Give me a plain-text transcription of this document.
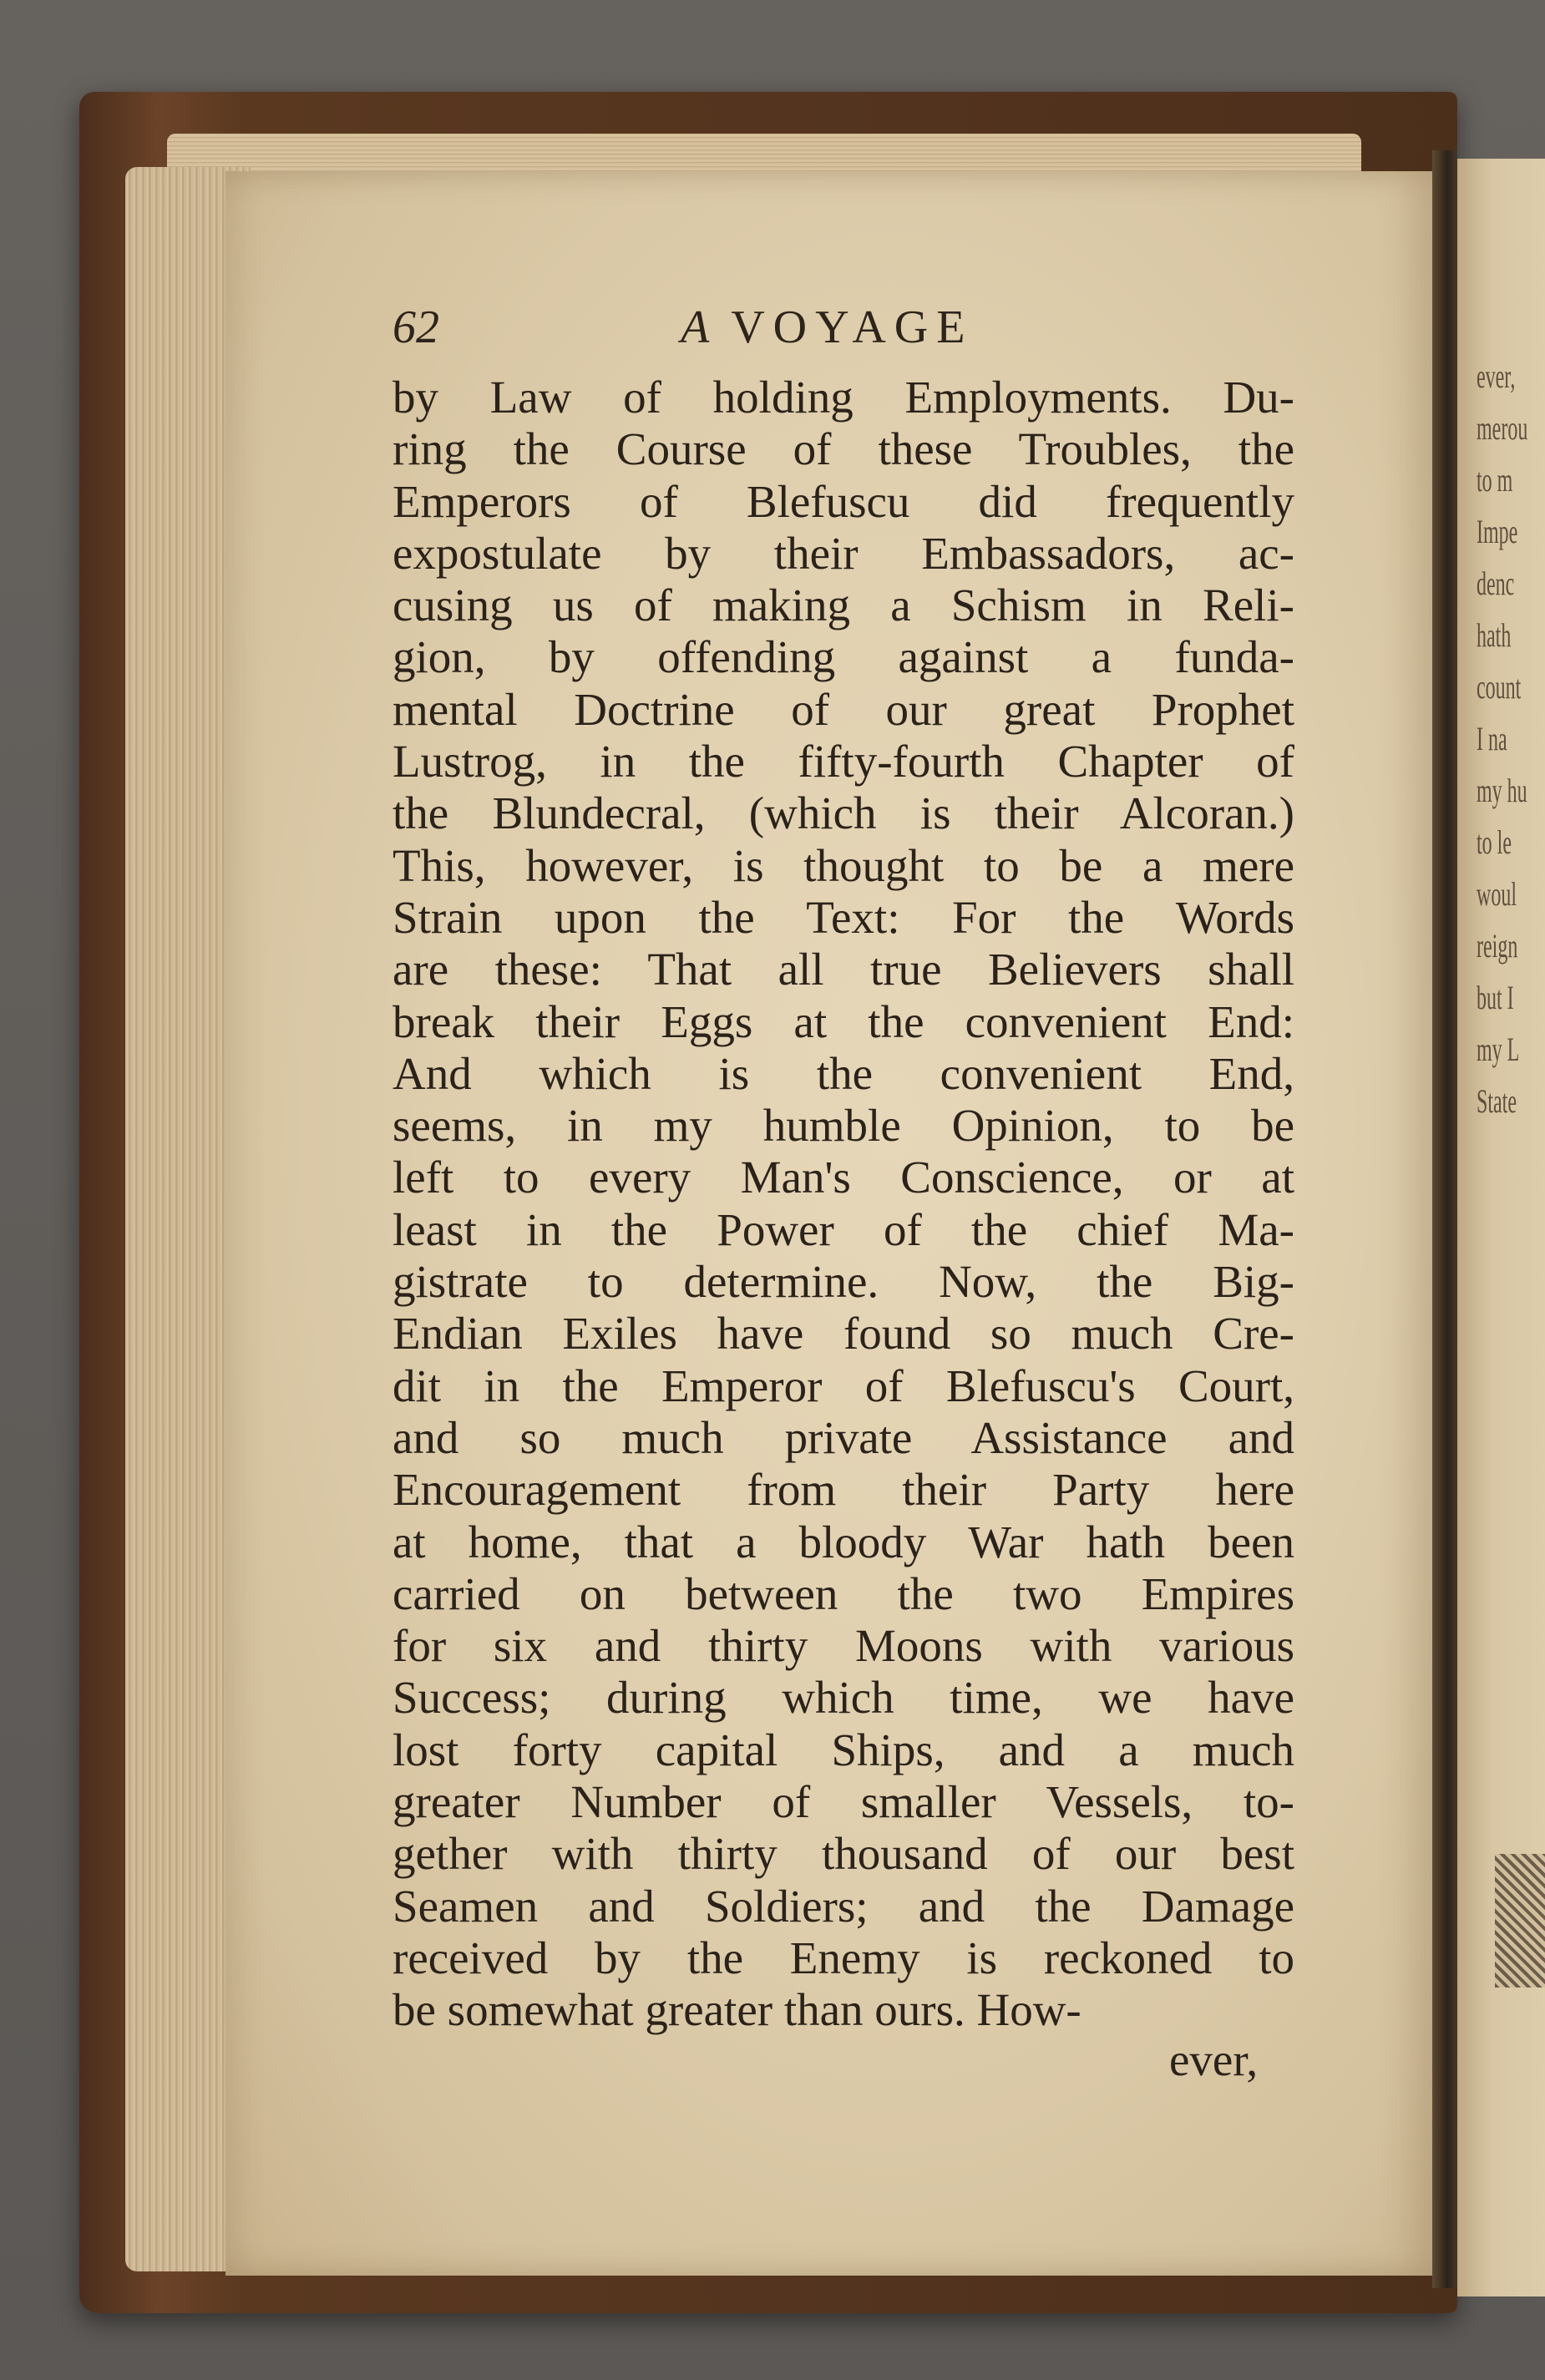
ever,
merou
to m
Impe
denc
hath
count
I na
my hu
to le
woul
reign
but I
my L
State
62	A VOYAGE
by Law of holding Employments. Du-
ring the Course of these Troubles, the
Emperors of Blefuscu did frequently
expostulate by their Embassadors, ac-
cusing us of making a Schism in Reli-
gion, by offending against a funda-
mental Doctrine of our great Prophet
Lustrog, in the fifty-fourth Chapter of
the Blundecral, (which is their Alcoran.)
This, however, is thought to be a mere
Strain upon the Text: For the Words
are these: That all true Believers shall
break their Eggs at the convenient End:
And which is the convenient End,
seems, in my humble Opinion, to be
left to every Man's Conscience, or at
least in the Power of the chief Ma-
gistrate to determine. Now, the Big-
Endian Exiles have found so much Cre-
dit in the Emperor of Blefuscu's Court,
and so much private Assistance and
Encouragement from their Party here
at home, that a bloody War hath been
carried on between the two Empires
for six and thirty Moons with various
Success; during which time, we have
lost forty capital Ships, and a much
greater Number of smaller Vessels, to-
gether with thirty thousand of our best
Seamen and Soldiers; and the Damage
received by the Enemy is reckoned to
be somewhat greater than ours. How-
ever,
